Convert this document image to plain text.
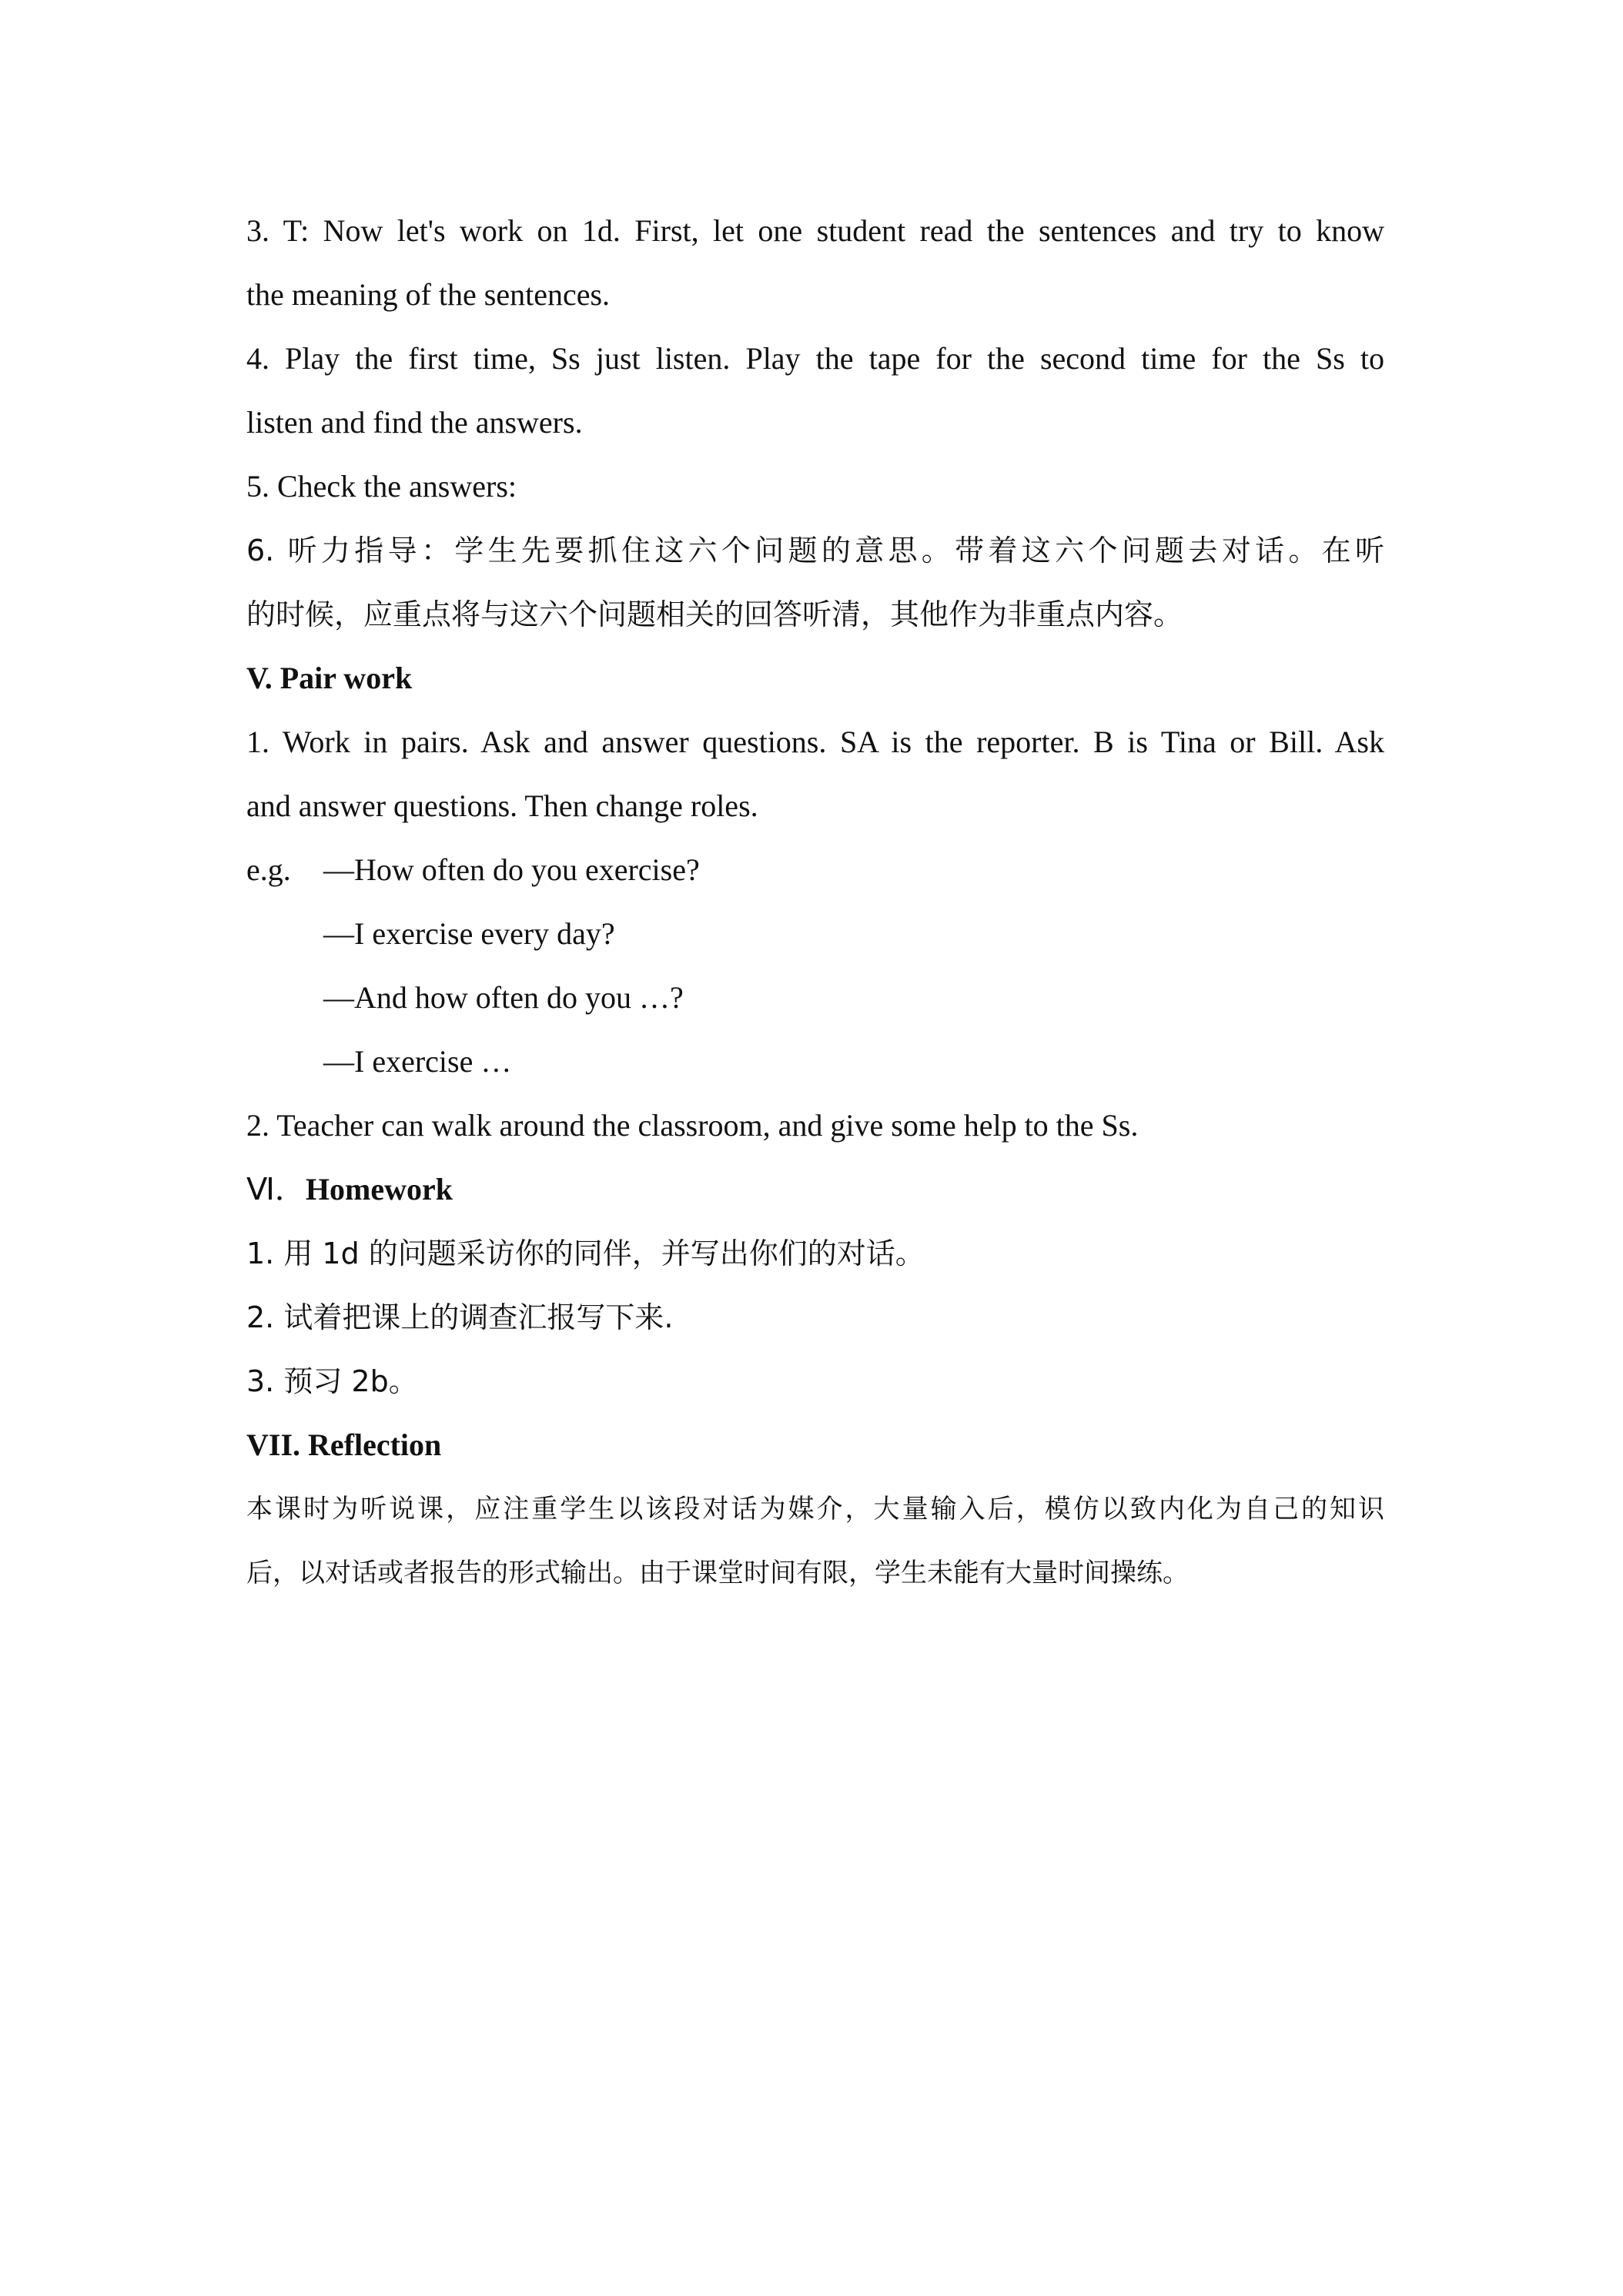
3. T: Now let's work on 1d. First, let one student read the sentences and try to know

the meaning of the sentences.

4. Play the first time, Ss just listen. Play the tape for the second time for the Ss to

listen and find the answers.

5. Check the answers:

6. 听力指导：学生先要抓住这六个问题的意思。带着这六个问题去对话。在听

的时候，应重点将与这六个问题相关的回答听清，其他作为非重点内容。

V. Pair work

1. Work in pairs. Ask and answer questions. SA is the reporter. B is Tina or Bill. Ask

and answer questions. Then change roles.

e.g. —How often do you exercise?

—I exercise every day?

—And how often do you …?

—I exercise …

2. Teacher can walk around the classroom, and give some help to the Ss.

Ⅵ．Homework

1. 用 1d 的问题采访你的同伴，并写出你们的对话。

2. 试着把课上的调查汇报写下来.

3. 预习 2b。

VII. Reflection

本课时为听说课，应注重学生以该段对话为媒介，大量输入后，模仿以致内化为自己的知识

后，以对话或者报告的形式输出。由于课堂时间有限，学生未能有大量时间操练。
